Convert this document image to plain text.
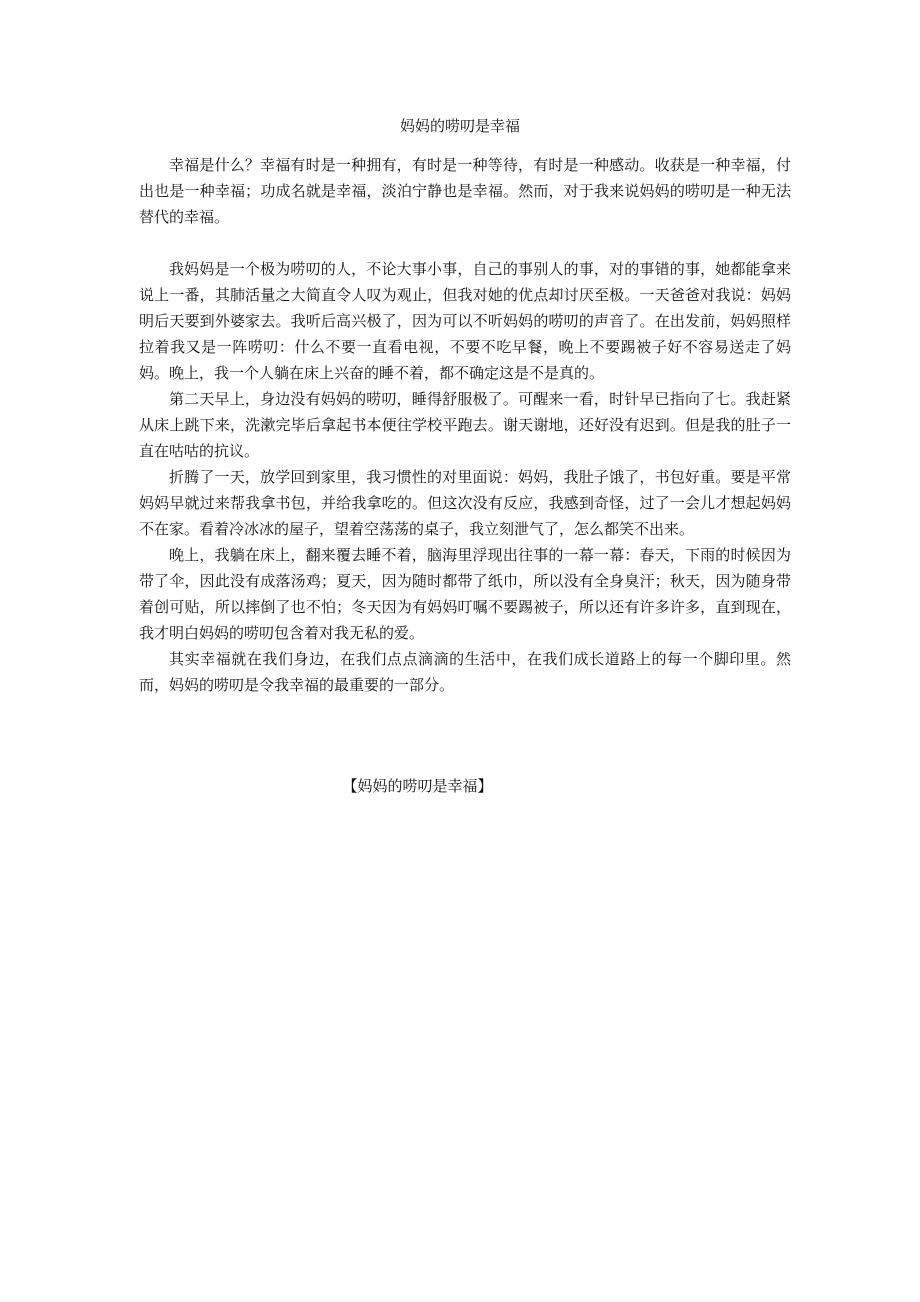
妈妈的唠叨是幸福

幸福是什么？幸福有时是一种拥有，有时是一种等待，有时是一种感动。收获是一种幸福，付出也是一种幸福；功成名就是幸福，淡泊宁静也是幸福。然而，对于我来说妈妈的唠叨是一种无法替代的幸福。

我妈妈是一个极为唠叨的人，不论大事小事，自己的事别人的事，对的事错的事，她都能拿来说上一番，其肺活量之大简直令人叹为观止，但我对她的优点却讨厌至极。一天爸爸对我说：妈妈明后天要到外婆家去。我听后高兴极了，因为可以不听妈妈的唠叨的声音了。在出发前，妈妈照样拉着我又是一阵唠叨：什么不要一直看电视，不要不吃早餐，晚上不要踢被子好不容易送走了妈妈。晚上，我一个人躺在床上兴奋的睡不着，都不确定这是不是真的。

第二天早上，身边没有妈妈的唠叨，睡得舒服极了。可醒来一看，时针早已指向了七。我赶紧从床上跳下来，洗漱完毕后拿起书本便往学校平跑去。谢天谢地，还好没有迟到。但是我的肚子一直在咕咕的抗议。

折腾了一天，放学回到家里，我习惯性的对里面说：妈妈，我肚子饿了，书包好重。要是平常妈妈早就过来帮我拿书包，并给我拿吃的。但这次没有反应，我感到奇怪，过了一会儿才想起妈妈不在家。看着冷冰冰的屋子，望着空荡荡的桌子，我立刻泄气了，怎么都笑不出来。

晚上，我躺在床上，翻来覆去睡不着，脑海里浮现出往事的一幕一幕：春天，下雨的时候因为带了伞，因此没有成落汤鸡；夏天，因为随时都带了纸巾，所以没有全身臭汗；秋天，因为随身带着创可贴，所以摔倒了也不怕；冬天因为有妈妈叮嘱不要踢被子，所以还有许多许多，直到现在，我才明白妈妈的唠叨包含着对我无私的爱。

其实幸福就在我们身边，在我们点点滴滴的生活中，在我们成长道路上的每一个脚印里。然而，妈妈的唠叨是令我幸福的最重要的一部分。

【妈妈的唠叨是幸福】
